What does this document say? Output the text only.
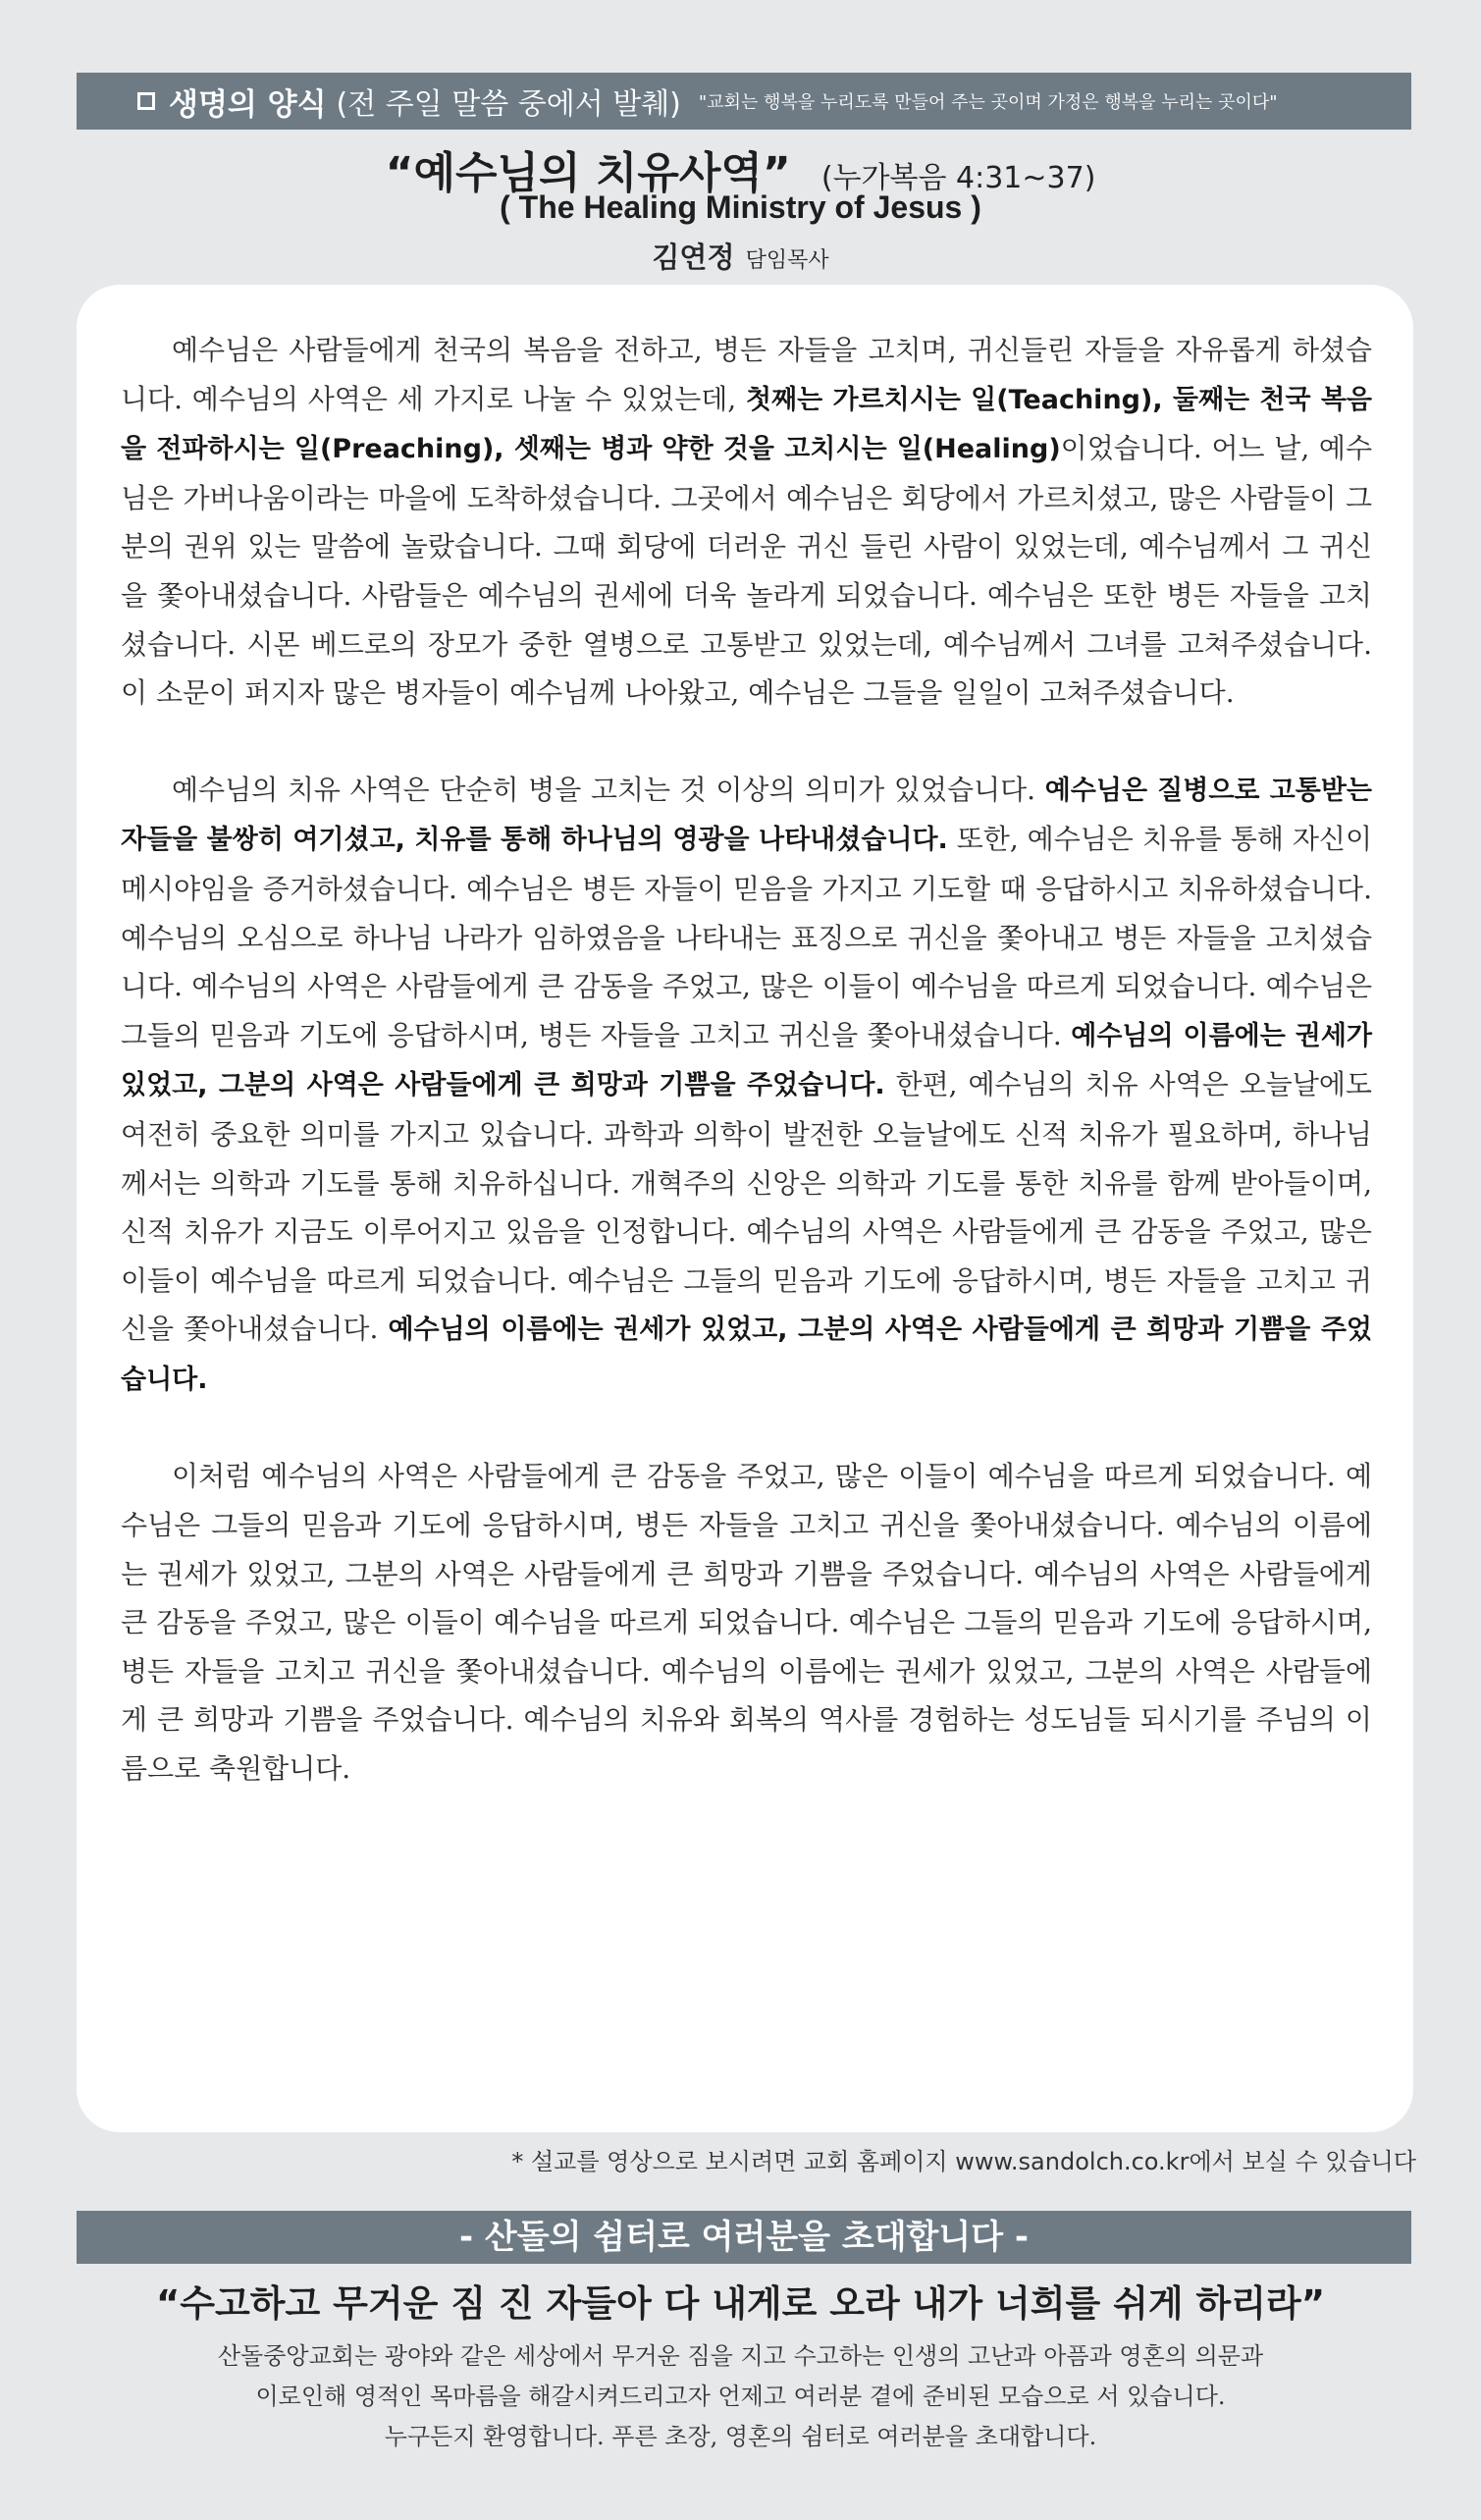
생명의 양식 (전 주일 말씀 중에서 발췌) "교회는 행복을 누리도록 만들어 주는 곳이며 가정은 행복을 누리는 곳이다"
“예수님의 치유사역” (누가복음 4:31~37)
( The Healing Ministry of Jesus )
김연정 담임목사

예수님은 사람들에게 천국의 복음을 전하고, 병든 자들을 고치며, 귀신들린 자들을 자유롭게 하셨습니다. 예수님의 사역은 세 가지로 나눌 수 있었는데, 첫째는 가르치시는 일(Teaching), 둘째는 천국 복음을 전파하시는 일(Preaching), 셋째는 병과 약한 것을 고치시는 일(Healing)이었습니다. 어느 날, 예수님은 가버나움이라는 마을에 도착하셨습니다. 그곳에서 예수님은 회당에서 가르치셨고, 많은 사람들이 그분의 권위 있는 말씀에 놀랐습니다. 그때 회당에 더러운 귀신 들린 사람이 있었는데, 예수님께서 그 귀신을 쫓아내셨습니다. 사람들은 예수님의 권세에 더욱 놀라게 되었습니다. 예수님은 또한 병든 자들을 고치셨습니다. 시몬 베드로의 장모가 중한 열병으로 고통받고 있었는데, 예수님께서 그녀를 고쳐주셨습니다. 이 소문이 퍼지자 많은 병자들이 예수님께 나아왔고, 예수님은 그들을 일일이 고쳐주셨습니다.

예수님의 치유 사역은 단순히 병을 고치는 것 이상의 의미가 있었습니다. 예수님은 질병으로 고통받는 자들을 불쌍히 여기셨고, 치유를 통해 하나님의 영광을 나타내셨습니다. 또한, 예수님은 치유를 통해 자신이 메시야임을 증거하셨습니다. 예수님은 병든 자들이 믿음을 가지고 기도할 때 응답하시고 치유하셨습니다. 예수님의 오심으로 하나님 나라가 임하였음을 나타내는 표징으로 귀신을 쫓아내고 병든 자들을 고치셨습니다. 예수님의 사역은 사람들에게 큰 감동을 주었고, 많은 이들이 예수님을 따르게 되었습니다. 예수님은 그들의 믿음과 기도에 응답하시며, 병든 자들을 고치고 귀신을 쫓아내셨습니다. 예수님의 이름에는 권세가 있었고, 그분의 사역은 사람들에게 큰 희망과 기쁨을 주었습니다. 한편, 예수님의 치유 사역은 오늘날에도 여전히 중요한 의미를 가지고 있습니다. 과학과 의학이 발전한 오늘날에도 신적 치유가 필요하며, 하나님께서는 의학과 기도를 통해 치유하십니다. 개혁주의 신앙은 의학과 기도를 통한 치유를 함께 받아들이며, 신적 치유가 지금도 이루어지고 있음을 인정합니다. 예수님의 사역은 사람들에게 큰 감동을 주었고, 많은 이들이 예수님을 따르게 되었습니다. 예수님은 그들의 믿음과 기도에 응답하시며, 병든 자들을 고치고 귀신을 쫓아내셨습니다. 예수님의 이름에는 권세가 있었고, 그분의 사역은 사람들에게 큰 희망과 기쁨을 주었습니다.

이처럼 예수님의 사역은 사람들에게 큰 감동을 주었고, 많은 이들이 예수님을 따르게 되었습니다. 예수님은 그들의 믿음과 기도에 응답하시며, 병든 자들을 고치고 귀신을 쫓아내셨습니다. 예수님의 이름에는 권세가 있었고, 그분의 사역은 사람들에게 큰 희망과 기쁨을 주었습니다. 예수님의 사역은 사람들에게 큰 감동을 주었고, 많은 이들이 예수님을 따르게 되었습니다. 예수님은 그들의 믿음과 기도에 응답하시며, 병든 자들을 고치고 귀신을 쫓아내셨습니다. 예수님의 이름에는 권세가 있었고, 그분의 사역은 사람들에게 큰 희망과 기쁨을 주었습니다. 예수님의 치유와 회복의 역사를 경험하는 성도님들 되시기를 주님의 이름으로 축원합니다.

* 설교를 영상으로 보시려면 교회 홈페이지 www.sandolch.co.kr에서 보실 수 있습니다
- 산돌의 쉼터로 여러분을 초대합니다 -
“수고하고 무거운 짐 진 자들아 다 내게로 오라 내가 너희를 쉬게 하리라”
산돌중앙교회는 광야와 같은 세상에서 무거운 짐을 지고 수고하는 인생의 고난과 아픔과 영혼의 의문과
이로인해 영적인 목마름을 해갈시켜드리고자 언제고 여러분 곁에 준비된 모습으로 서 있습니다.
누구든지 환영합니다. 푸른 초장, 영혼의 쉼터로 여러분을 초대합니다.
